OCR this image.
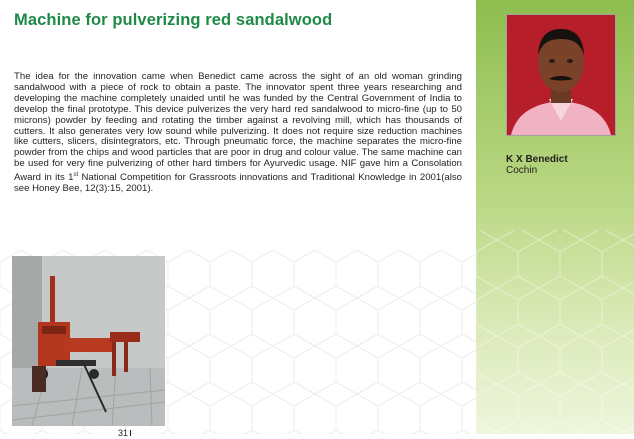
Machine for pulverizing red sandalwood

The idea for the innovation came when Benedict came across the sight of an old woman grinding sandalwood with a piece of rock to obtain a paste. The innovator spent three years researching and developing the machine completely unaided until he was funded by the Central Government of India to develop the final prototype. This device pulverizes the very hard red sandalwood to micro-fine (up to 50 microns) powder by feeding and rotating the timber against a revolving mill, which has thousands of cutters. It also generates very low sound while pulverizing. It does not require size reduction machines like cutters, slicers, disintegrators, etc. Through pneumatic force, the machine separates the micro-fine powder from the chips and wood particles that are poor in drug and colour value. The same machine can be used for very fine pulverizing of other hard timbers for Ayurvedic usage. NIF gave him a Consolation Award in its 1st National Competition for Grassroots innovations and Traditional Knowledge in 2001(also see Honey Bee, 12(3):15, 2001).

K X Benedict

Cochin

31
